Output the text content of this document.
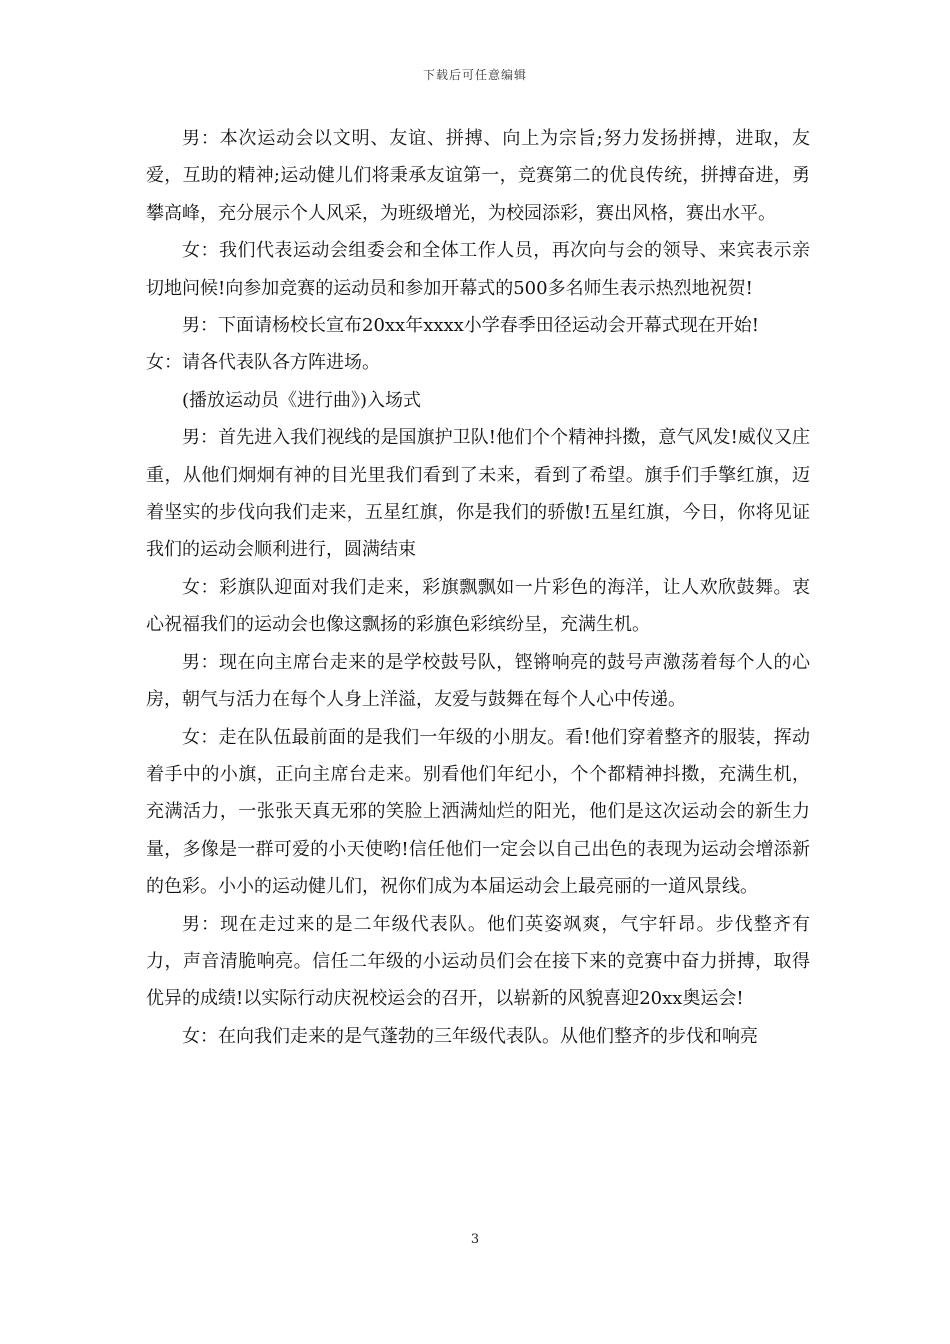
下载后可任意编辑

男：本次运动会以文明、友谊、拼搏、向上为宗旨;努力发扬拼搏，进取，友爱，互助的精神;运动健儿们将秉承友谊第一，竞赛第二的优良传统，拼搏奋进，勇攀高峰，充分展示个人风采，为班级增光，为校园添彩，赛出风格，赛出水平。

女：我们代表运动会组委会和全体工作人员，再次向与会的领导、来宾表示亲切地问候!向参加竞赛的运动员和参加开幕式的500多名师生表示热烈地祝贺!

男：下面请杨校长宣布20xx年xxxx小学春季田径运动会开幕式现在开始!

女：请各代表队各方阵进场。

(播放运动员《进行曲》)入场式

男：首先进入我们视线的是国旗护卫队!他们个个精神抖擞，意气风发!威仪又庄重，从他们炯炯有神的目光里我们看到了未来，看到了希望。旗手们手擎红旗，迈着坚实的步伐向我们走来，五星红旗，你是我们的骄傲!五星红旗，今日，你将见证我们的运动会顺利进行，圆满结束

女：彩旗队迎面对我们走来，彩旗飘飘如一片彩色的海洋，让人欢欣鼓舞。衷心祝福我们的运动会也像这飘扬的彩旗色彩缤纷呈，充满生机。

男：现在向主席台走来的是学校鼓号队，铿锵响亮的鼓号声激荡着每个人的心房，朝气与活力在每个人身上洋溢，友爱与鼓舞在每个人心中传递。

女：走在队伍最前面的是我们一年级的小朋友。看!他们穿着整齐的服装，挥动着手中的小旗，正向主席台走来。别看他们年纪小，个个都精神抖擞，充满生机，充满活力，一张张天真无邪的笑脸上洒满灿烂的阳光，他们是这次运动会的新生力量，多像是一群可爱的小天使哟!信任他们一定会以自己出色的表现为运动会增添新的色彩。小小的运动健儿们，祝你们成为本届运动会上最亮丽的一道风景线。

男：现在走过来的是二年级代表队。他们英姿飒爽，气宇轩昂。步伐整齐有力，声音清脆响亮。信任二年级的小运动员们会在接下来的竞赛中奋力拼搏，取得优异的成绩!以实际行动庆祝校运会的召开，以崭新的风貌喜迎20xx奥运会!

女：在向我们走来的是气蓬勃的三年级代表队。从他们整齐的步伐和响亮

3
